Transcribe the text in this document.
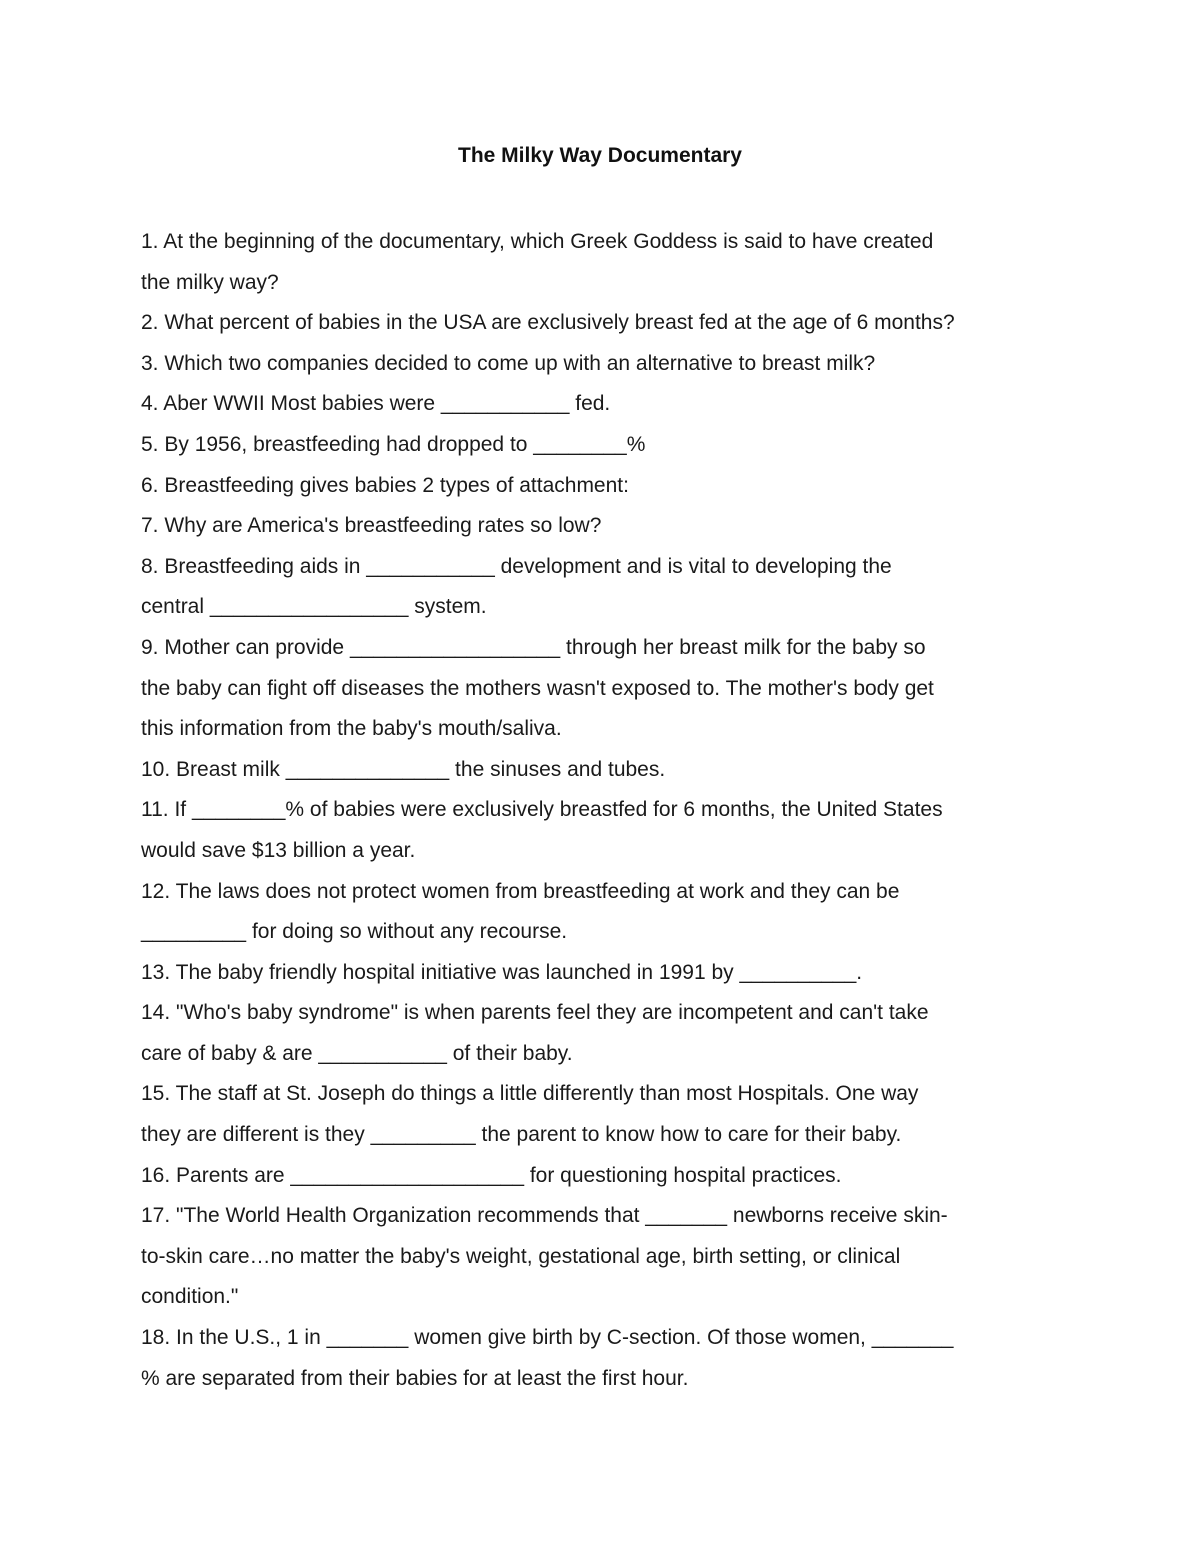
The Milky Way Documentary
1. At the beginning of the documentary, which Greek Goddess is said to have created
the milky way?
2. What percent of babies in the USA are exclusively breast fed at the age of 6 months?
3. Which two companies decided to come up with an alternative to breast milk?
4. Aber WWII Most babies were ___________ fed.
5. By 1956, breastfeeding had dropped to ________%
6. Breastfeeding gives babies 2 types of attachment:
7. Why are America's breastfeeding rates so low?
8. Breastfeeding aids in ___________ development and is vital to developing the
central _________________ system.
9. Mother can provide __________________ through her breast milk for the baby so
the baby can fight off diseases the mothers wasn't exposed to. The mother's body get
this information from the baby's mouth/saliva.
10. Breast milk ______________ the sinuses and tubes.
11. If ________% of babies were exclusively breastfed for 6 months, the United States
would save $13 billion a year.
12. The laws does not protect women from breastfeeding at work and they can be
_________ for doing so without any recourse.
13. The baby friendly hospital initiative was launched in 1991 by __________.
14. "Who's baby syndrome" is when parents feel they are incompetent and can't take
care of baby & are ___________ of their baby.
15. The staff at St. Joseph do things a little differently than most Hospitals. One way
they are different is they _________ the parent to know how to care for their baby.
16. Parents are ____________________ for questioning hospital practices.
17. "The World Health Organization recommends that _______ newborns receive skin-
to-skin care…no matter the baby's weight, gestational age, birth setting, or clinical
condition."
18. In the U.S., 1 in _______ women give birth by C-section. Of those women, _______
% are separated from their babies for at least the first hour.
